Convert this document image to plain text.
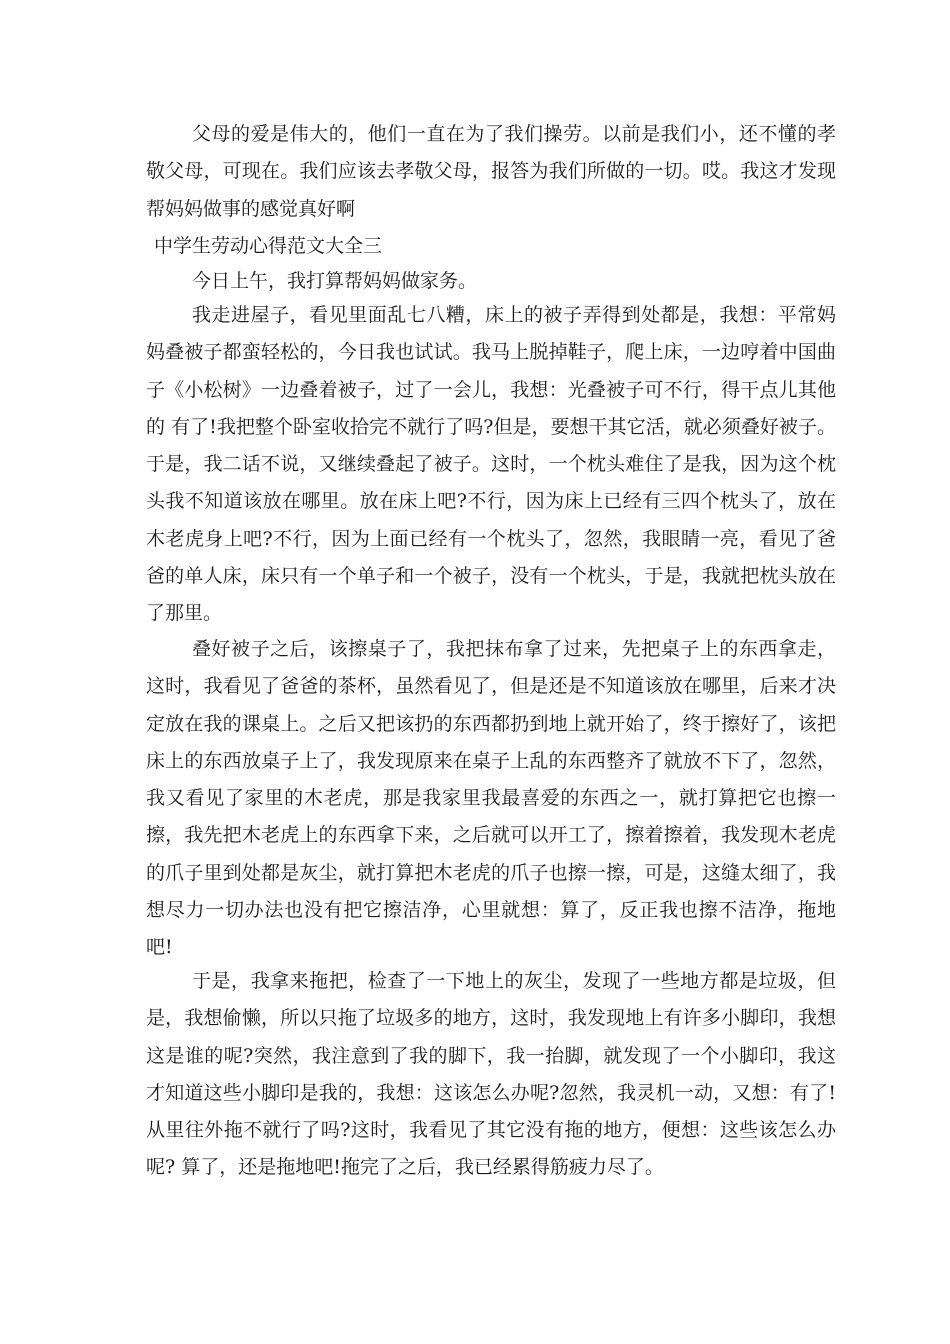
父母的爱是伟大的，他们一直在为了我们操劳。以前是我们小，还不懂的孝敬父母，可现在。我们应该去孝敬父母，报答为我们所做的一切。哎。我这才发现帮妈妈做事的感觉真好啊

中学生劳动心得范文大全三

今日上午，我打算帮妈妈做家务。

我走进屋子，看见里面乱七八糟，床上的被子弄得到处都是，我想：平常妈妈叠被子都蛮轻松的，今日我也试试。我马上脱掉鞋子，爬上床，一边哼着中国曲子《小松树》一边叠着被子，过了一会儿，我想：光叠被子可不行，得干点儿其他的 有了!我把整个卧室收拾完不就行了吗?但是，要想干其它活，就必须叠好被子。于是，我二话不说，又继续叠起了被子。这时，一个枕头难住了是我，因为这个枕头我不知道该放在哪里。放在床上吧?不行，因为床上已经有三四个枕头了，放在木老虎身上吧?不行，因为上面已经有一个枕头了，忽然，我眼睛一亮，看见了爸爸的单人床，床只有一个单子和一个被子，没有一个枕头，于是，我就把枕头放在了那里。

叠好被子之后，该擦桌子了，我把抹布拿了过来，先把桌子上的东西拿走，这时，我看见了爸爸的茶杯，虽然看见了，但是还是不知道该放在哪里，后来才决定放在我的课桌上。之后又把该扔的东西都扔到地上就开始了，终于擦好了，该把床上的东西放桌子上了，我发现原来在桌子上乱的东西整齐了就放不下了，忽然，我又看见了家里的木老虎，那是我家里我最喜爱的东西之一，就打算把它也擦一擦，我先把木老虎上的东西拿下来，之后就可以开工了，擦着擦着，我发现木老虎的爪子里到处都是灰尘，就打算把木老虎的爪子也擦一擦，可是，这缝太细了，我想尽力一切办法也没有把它擦洁净，心里就想：算了，反正我也擦不洁净，拖地吧!

于是，我拿来拖把，检查了一下地上的灰尘，发现了一些地方都是垃圾，但是，我想偷懒，所以只拖了垃圾多的地方，这时，我发现地上有许多小脚印，我想这是谁的呢?突然，我注意到了我的脚下，我一抬脚，就发现了一个小脚印，我这才知道这些小脚印是我的，我想：这该怎么办呢?忽然，我灵机一动，又想：有了!从里往外拖不就行了吗?这时，我看见了其它没有拖的地方，便想：这些该怎么办呢? 算了，还是拖地吧!拖完了之后，我已经累得筋疲力尽了。
